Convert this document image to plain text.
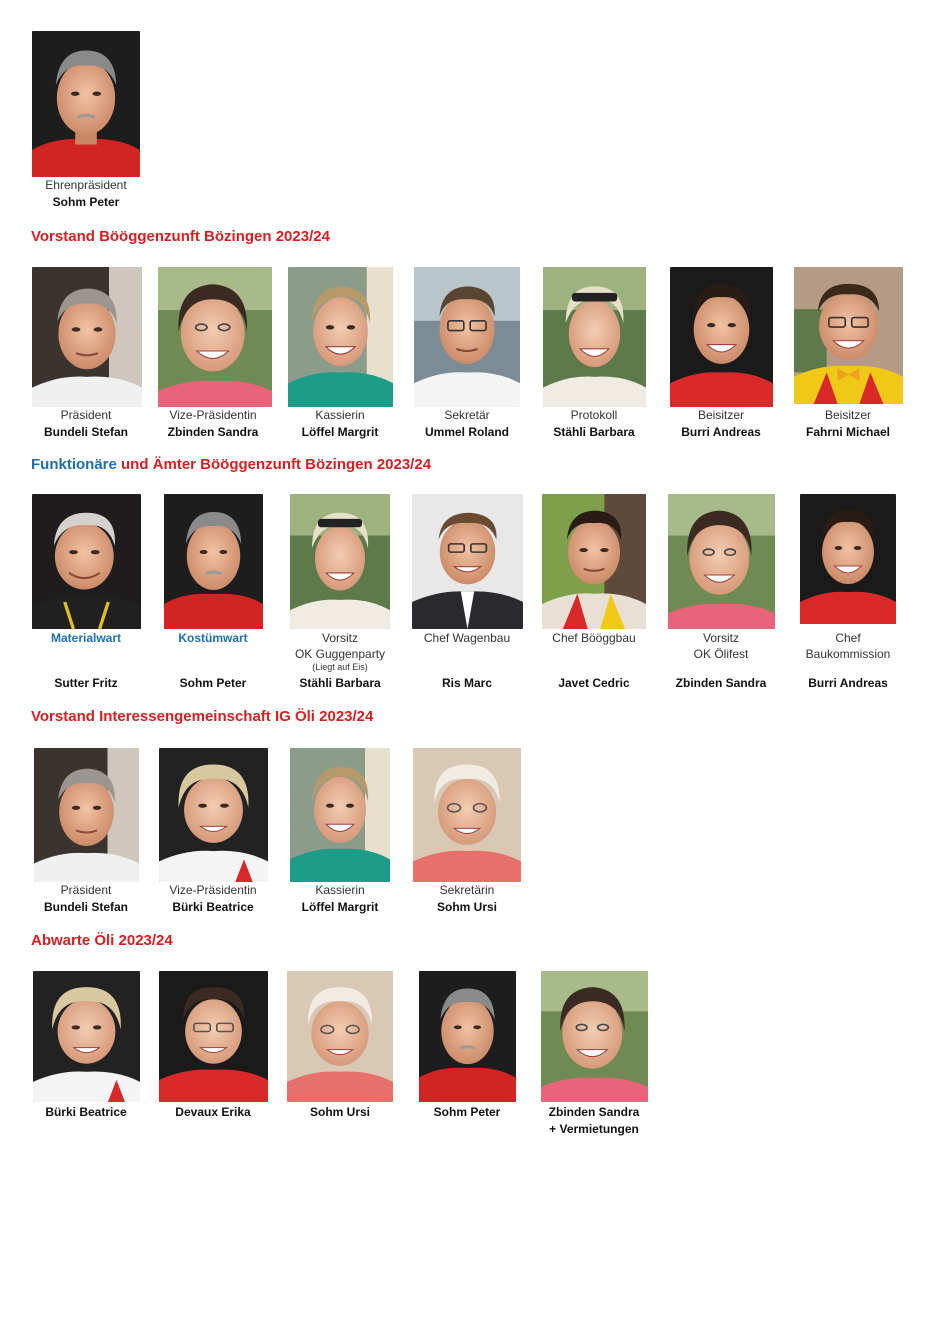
Ehrenpräsident
Sohm Peter
Vorstand Bööggenzunft Bözingen 2023/24
Präsident
Bundeli Stefan
Vize-Präsidentin
Zbinden Sandra
Kassierin
Löffel Margrit
Sekretär
Ummel Roland
Protokoll
Stähli Barbara
Beisitzer
Burri Andreas
Beisitzer
Fahrni Michael
Funktionäre und Ämter Bööggenzunft Bözingen 2023/24
Materialwart
Sutter Fritz
Kostümwart
Sohm Peter
Vorsitz
OK Guggenparty
(Liegt auf Eis)
Stähli Barbara
Chef Wagenbau
Ris Marc
Chef Bööggbau
Javet Cedric
Vorsitz
OK Ölifest
Zbinden Sandra
Chef
Baukommission
Burri Andreas
Vorstand Interessengemeinschaft IG Öli 2023/24
Präsident
Bundeli Stefan
Vize-Präsidentin
Bürki Beatrice
Kassierin
Löffel Margrit
Sekretärin
Sohm Ursi
Abwarte Öli 2023/24
Bürki Beatrice	Devaux Erika	Sohm Ursi	Sohm Peter	Zbinden Sandra
+ Vermietungen
